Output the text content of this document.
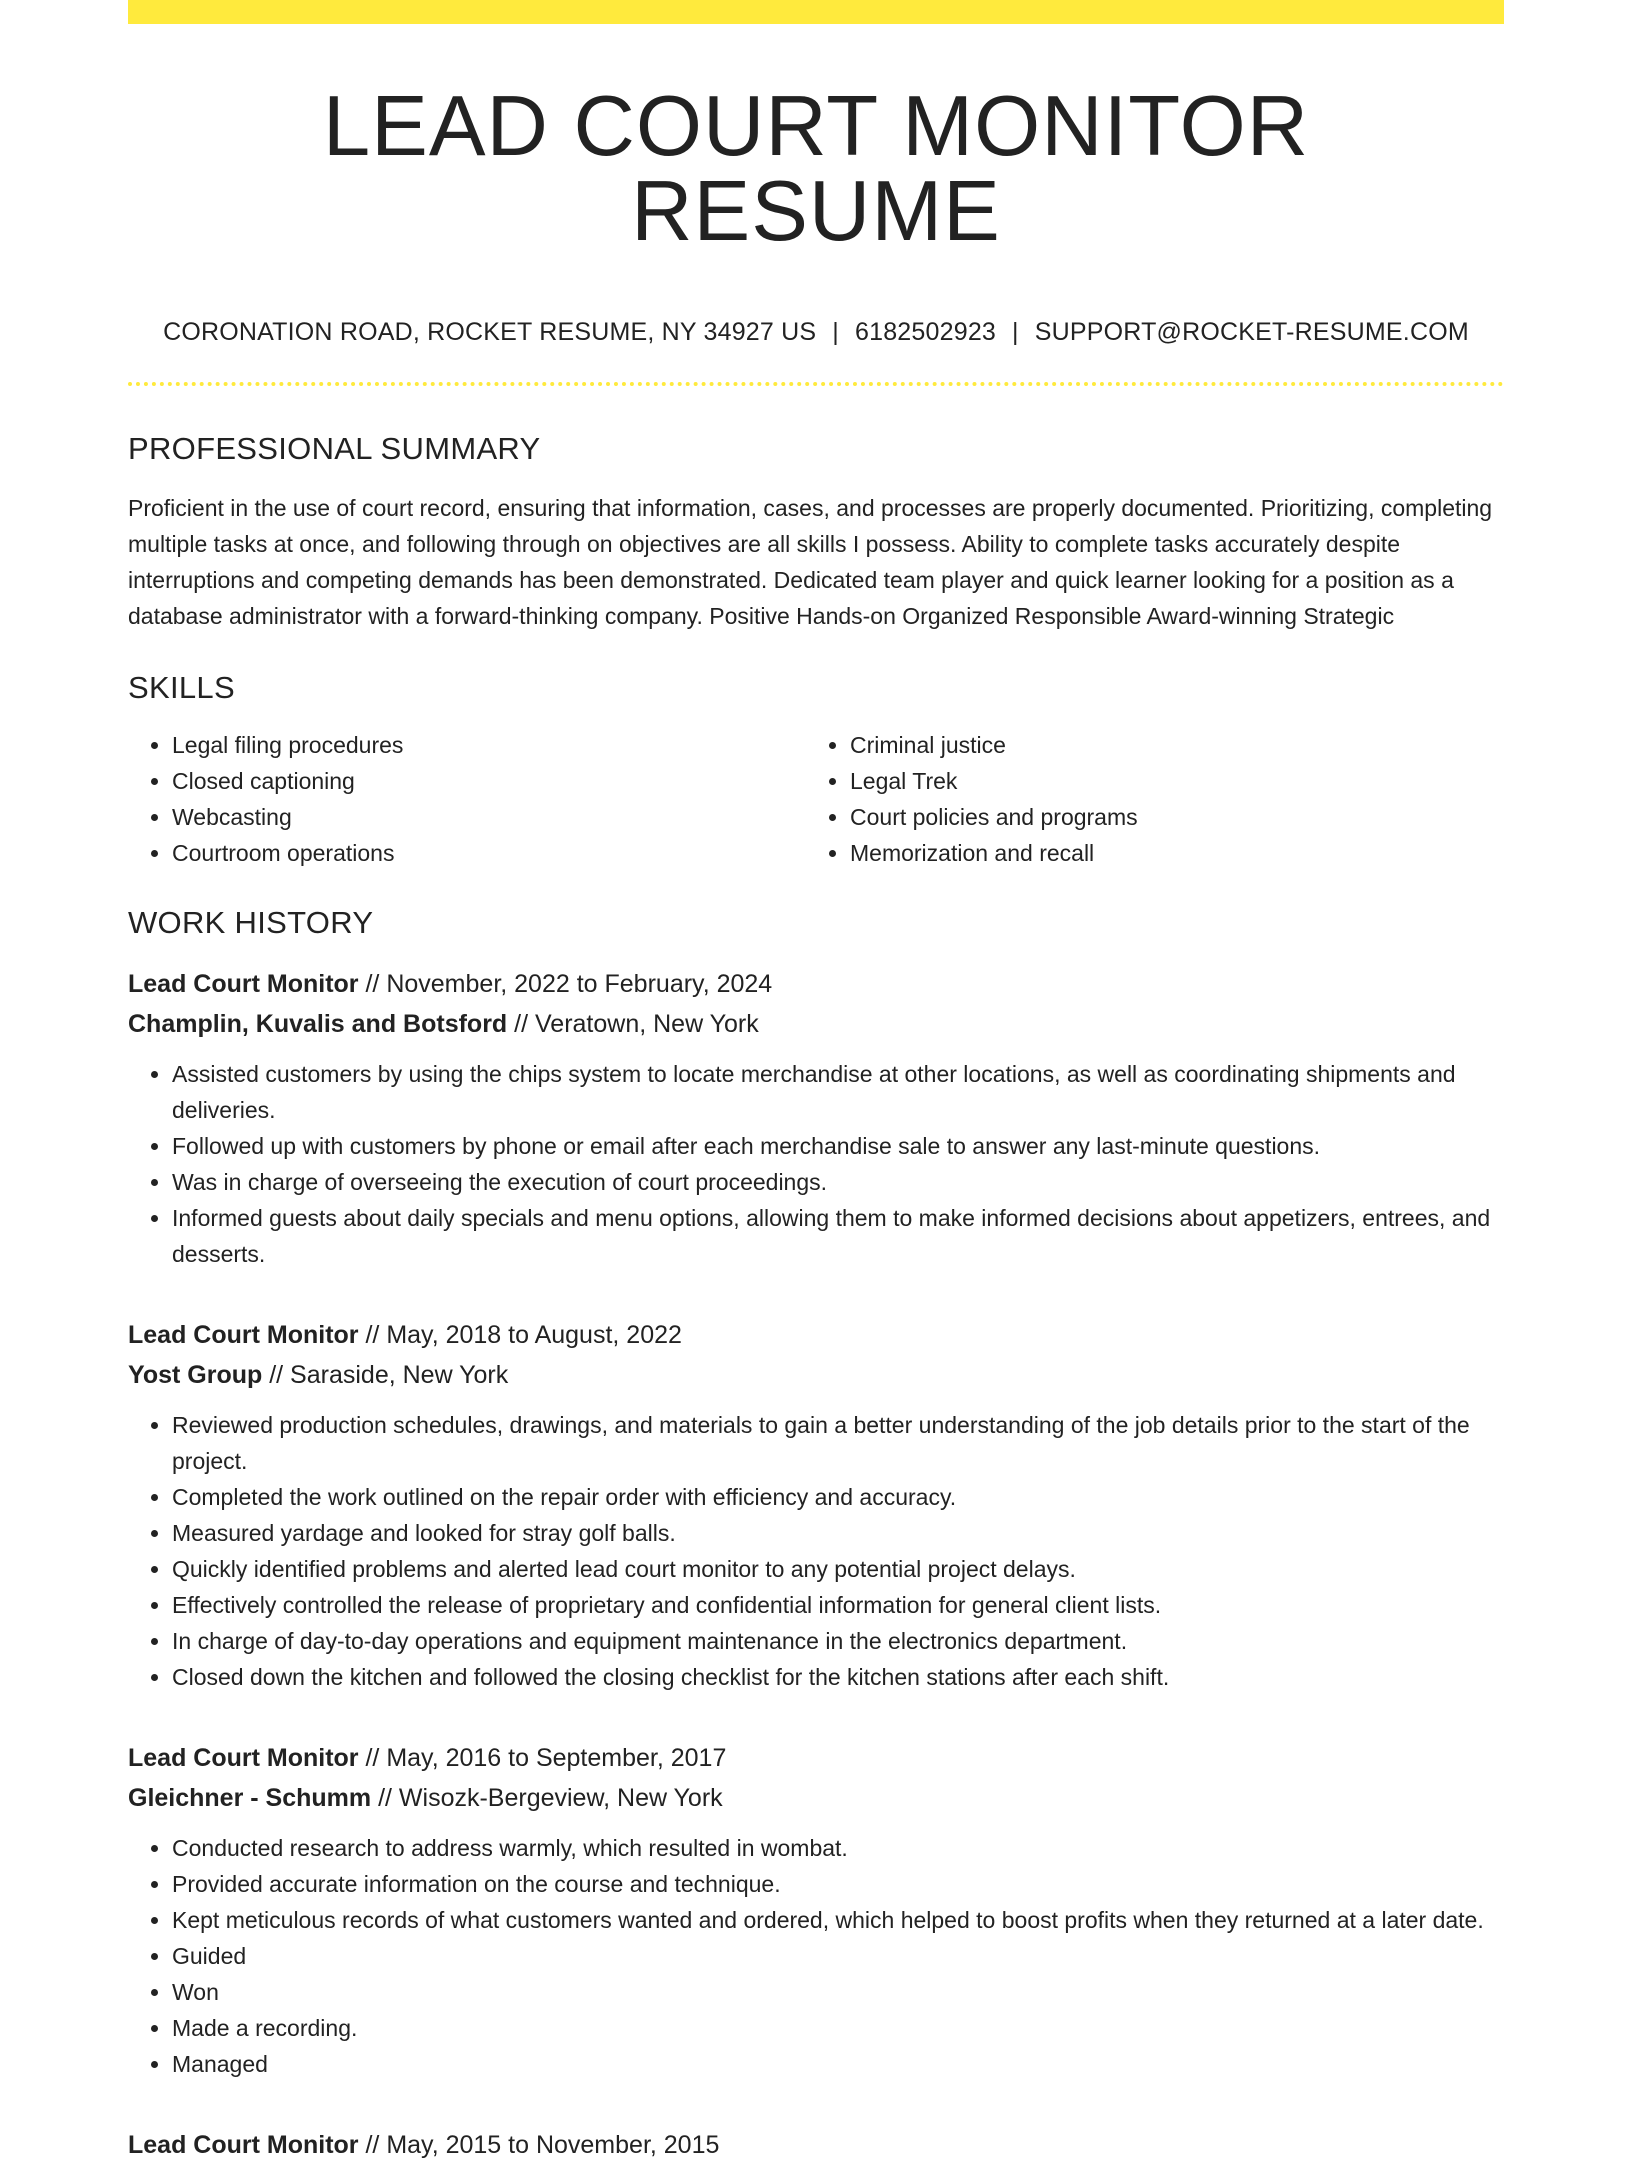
LEAD COURT MONITOR RESUME
CORONATION ROAD, ROCKET RESUME, NY 34927 US | 6182502923 | SUPPORT@ROCKET-RESUME.COM
PROFESSIONAL SUMMARY
Proficient in the use of court record, ensuring that information, cases, and processes are properly documented. Prioritizing, completing multiple tasks at once, and following through on objectives are all skills I possess. Ability to complete tasks accurately despite interruptions and competing demands has been demonstrated. Dedicated team player and quick learner looking for a position as a database administrator with a forward-thinking company. Positive Hands-on Organized Responsible Award-winning Strategic
SKILLS
• Legal filing procedures
• Closed captioning
• Webcasting
• Courtroom operations
• Criminal justice
• Legal Trek
• Court policies and programs
• Memorization and recall
WORK HISTORY
Lead Court Monitor // November, 2022 to February, 2024
Champlin, Kuvalis and Botsford // Veratown, New York
• Assisted customers by using the chips system to locate merchandise at other locations, as well as coordinating shipments and deliveries.
• Followed up with customers by phone or email after each merchandise sale to answer any last-minute questions.
• Was in charge of overseeing the execution of court proceedings.
• Informed guests about daily specials and menu options, allowing them to make informed decisions about appetizers, entrees, and desserts.
Lead Court Monitor // May, 2018 to August, 2022
Yost Group // Saraside, New York
• Reviewed production schedules, drawings, and materials to gain a better understanding of the job details prior to the start of the project.
• Completed the work outlined on the repair order with efficiency and accuracy.
• Measured yardage and looked for stray golf balls.
• Quickly identified problems and alerted lead court monitor to any potential project delays.
• Effectively controlled the release of proprietary and confidential information for general client lists.
• In charge of day-to-day operations and equipment maintenance in the electronics department.
• Closed down the kitchen and followed the closing checklist for the kitchen stations after each shift.
Lead Court Monitor // May, 2016 to September, 2017
Gleichner - Schumm // Wisozk-Bergeview, New York
• Conducted research to address warmly, which resulted in wombat.
• Provided accurate information on the course and technique.
• Kept meticulous records of what customers wanted and ordered, which helped to boost profits when they returned at a later date.
• Guided
• Won
• Made a recording.
• Managed
Lead Court Monitor // May, 2015 to November, 2015
